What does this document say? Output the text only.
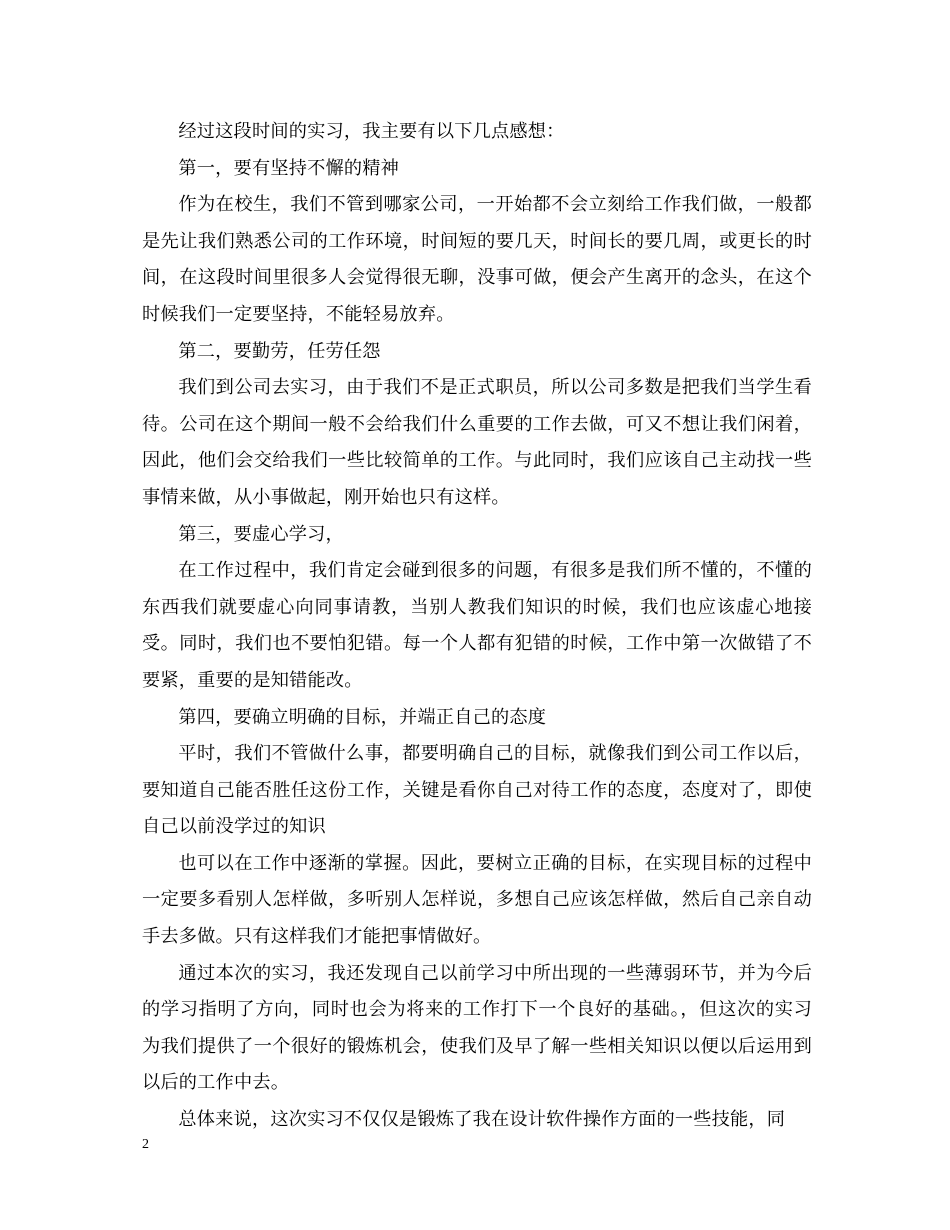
经过这段时间的实习，我主要有以下几点感想：

第一，要有坚持不懈的精神

作为在校生，我们不管到哪家公司，一开始都不会立刻给工作我们做，一般都是先让我们熟悉公司的工作环境，时间短的要几天，时间长的要几周，或更长的时间，在这段时间里很多人会觉得很无聊，没事可做，便会产生离开的念头，在这个时候我们一定要坚持，不能轻易放弃。

第二，要勤劳，任劳任怨

我们到公司去实习，由于我们不是正式职员，所以公司多数是把我们当学生看待。公司在这个期间一般不会给我们什么重要的工作去做，可又不想让我们闲着，因此，他们会交给我们一些比较简单的工作。与此同时，我们应该自己主动找一些事情来做，从小事做起，刚开始也只有这样。

第三，要虚心学习，

在工作过程中，我们肯定会碰到很多的问题，有很多是我们所不懂的，不懂的东西我们就要虚心向同事请教，当别人教我们知识的时候，我们也应该虚心地接受。同时，我们也不要怕犯错。每一个人都有犯错的时候，工作中第一次做错了不要紧，重要的是知错能改。

第四，要确立明确的目标，并端正自己的态度

平时，我们不管做什么事，都要明确自己的目标，就像我们到公司工作以后，要知道自己能否胜任这份工作，关键是看你自己对待工作的态度，态度对了，即使自己以前没学过的知识

也可以在工作中逐渐的掌握。因此，要树立正确的目标，在实现目标的过程中一定要多看别人怎样做，多听别人怎样说，多想自己应该怎样做，然后自己亲自动手去多做。只有这样我们才能把事情做好。

通过本次的实习，我还发现自己以前学习中所出现的一些薄弱环节，并为今后的学习指明了方向，同时也会为将来的工作打下一个良好的基础。，但这次的实习为我们提供了一个很好的锻炼机会，使我们及早了解一些相关知识以便以后运用到以后的工作中去。

总体来说，这次实习不仅仅是锻炼了我在设计软件操作方面的一些技能，同

2
